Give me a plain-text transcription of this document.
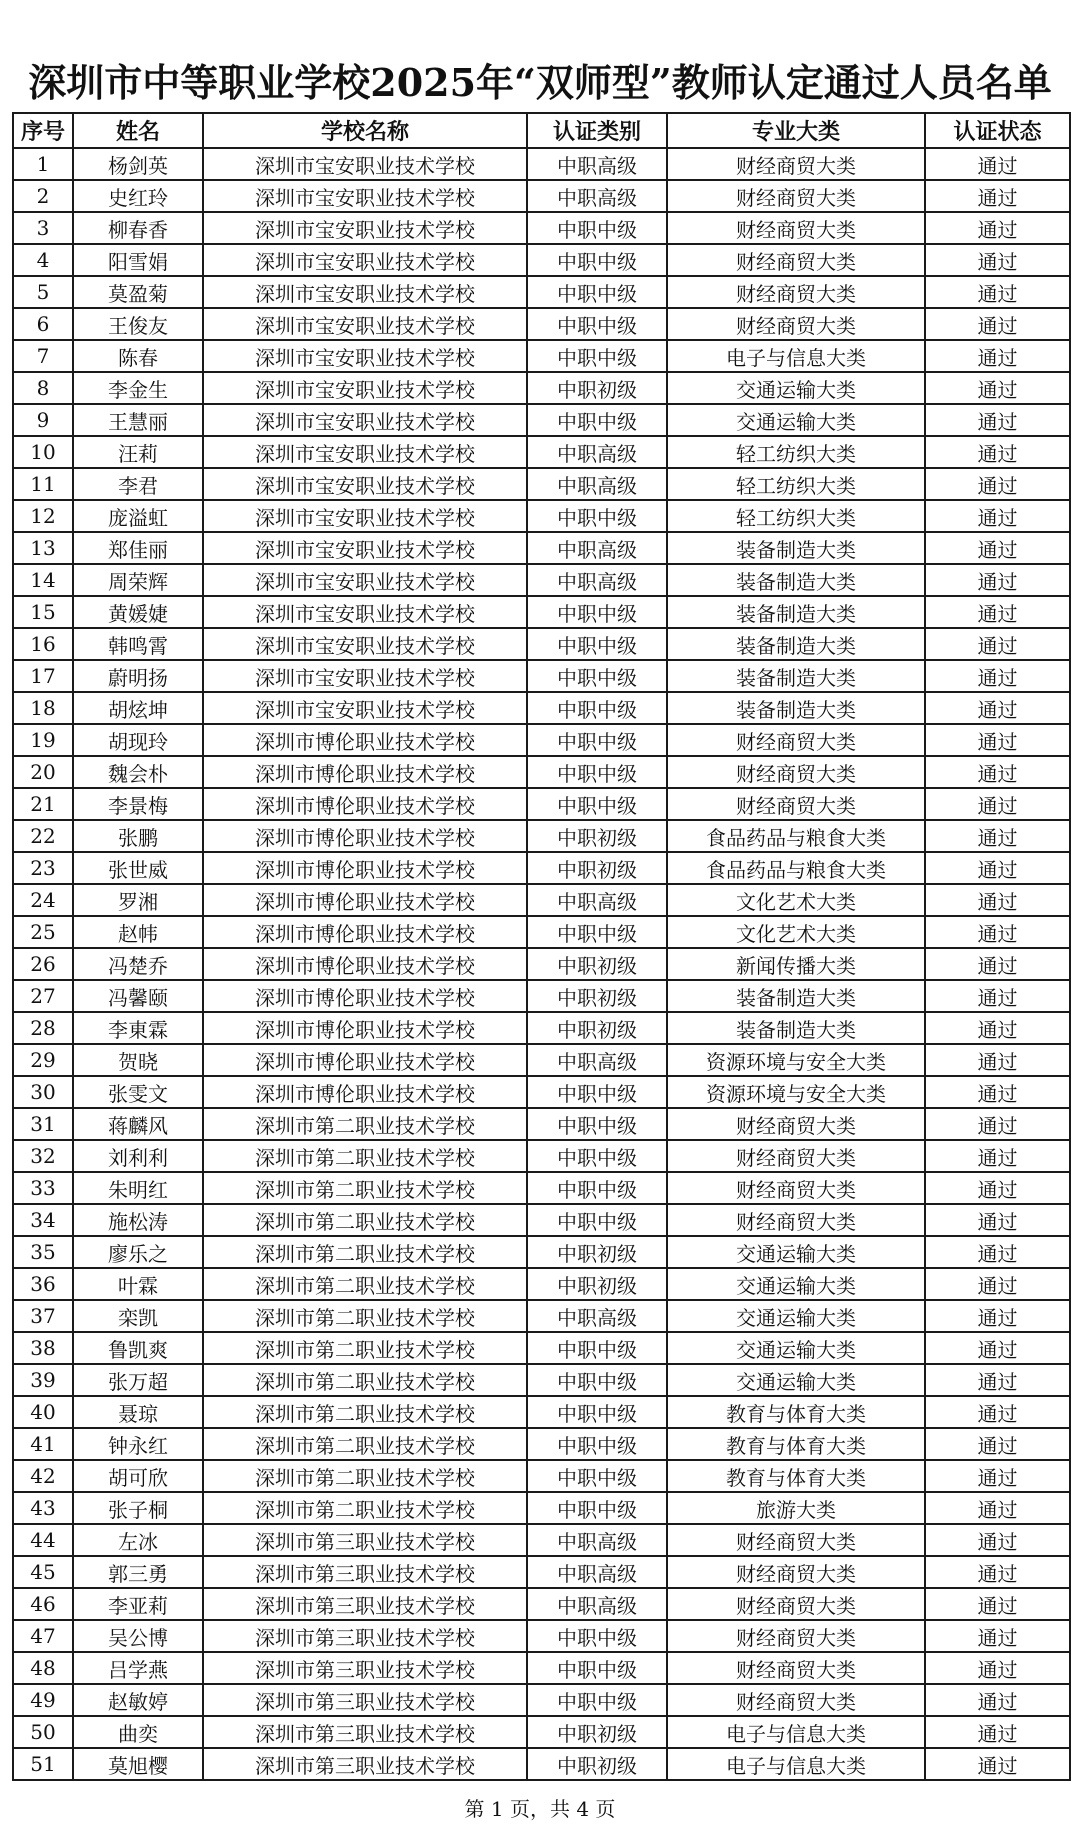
深圳市中等职业学校2025年“双师型”教师认定通过人员名单
序号	姓名	学校名称	认证类别	专业大类	认证状态
1	杨剑英	深圳市宝安职业技术学校	中职高级	财经商贸大类	通过
2	史红玲	深圳市宝安职业技术学校	中职高级	财经商贸大类	通过
3	柳春香	深圳市宝安职业技术学校	中职中级	财经商贸大类	通过
4	阳雪娟	深圳市宝安职业技术学校	中职中级	财经商贸大类	通过
5	莫盈菊	深圳市宝安职业技术学校	中职中级	财经商贸大类	通过
6	王俊友	深圳市宝安职业技术学校	中职中级	财经商贸大类	通过
7	陈春	深圳市宝安职业技术学校	中职中级	电子与信息大类	通过
8	李金生	深圳市宝安职业技术学校	中职初级	交通运输大类	通过
9	王慧丽	深圳市宝安职业技术学校	中职中级	交通运输大类	通过
10	汪莉	深圳市宝安职业技术学校	中职高级	轻工纺织大类	通过
11	李君	深圳市宝安职业技术学校	中职高级	轻工纺织大类	通过
12	庞溢虹	深圳市宝安职业技术学校	中职中级	轻工纺织大类	通过
13	郑佳丽	深圳市宝安职业技术学校	中职高级	装备制造大类	通过
14	周荣辉	深圳市宝安职业技术学校	中职高级	装备制造大类	通过
15	黄媛婕	深圳市宝安职业技术学校	中职中级	装备制造大类	通过
16	韩鸣霄	深圳市宝安职业技术学校	中职中级	装备制造大类	通过
17	蔚明扬	深圳市宝安职业技术学校	中职中级	装备制造大类	通过
18	胡炫坤	深圳市宝安职业技术学校	中职中级	装备制造大类	通过
19	胡现玲	深圳市博伦职业技术学校	中职中级	财经商贸大类	通过
20	魏会朴	深圳市博伦职业技术学校	中职中级	财经商贸大类	通过
21	李景梅	深圳市博伦职业技术学校	中职中级	财经商贸大类	通过
22	张鹏	深圳市博伦职业技术学校	中职初级	食品药品与粮食大类	通过
23	张世威	深圳市博伦职业技术学校	中职初级	食品药品与粮食大类	通过
24	罗湘	深圳市博伦职业技术学校	中职高级	文化艺术大类	通过
25	赵帏	深圳市博伦职业技术学校	中职中级	文化艺术大类	通过
26	冯楚乔	深圳市博伦职业技术学校	中职初级	新闻传播大类	通过
27	冯馨颐	深圳市博伦职业技术学校	中职初级	装备制造大类	通过
28	李東霖	深圳市博伦职业技术学校	中职初级	装备制造大类	通过
29	贺晓	深圳市博伦职业技术学校	中职高级	资源环境与安全大类	通过
30	张雯文	深圳市博伦职业技术学校	中职中级	资源环境与安全大类	通过
31	蒋麟风	深圳市第二职业技术学校	中职中级	财经商贸大类	通过
32	刘利利	深圳市第二职业技术学校	中职中级	财经商贸大类	通过
33	朱明红	深圳市第二职业技术学校	中职中级	财经商贸大类	通过
34	施松涛	深圳市第二职业技术学校	中职中级	财经商贸大类	通过
35	廖乐之	深圳市第二职业技术学校	中职初级	交通运输大类	通过
36	叶霖	深圳市第二职业技术学校	中职初级	交通运输大类	通过
37	栾凯	深圳市第二职业技术学校	中职高级	交通运输大类	通过
38	鲁凯爽	深圳市第二职业技术学校	中职中级	交通运输大类	通过
39	张万超	深圳市第二职业技术学校	中职中级	交通运输大类	通过
40	聂琼	深圳市第二职业技术学校	中职中级	教育与体育大类	通过
41	钟永红	深圳市第二职业技术学校	中职中级	教育与体育大类	通过
42	胡可欣	深圳市第二职业技术学校	中职中级	教育与体育大类	通过
43	张子桐	深圳市第二职业技术学校	中职中级	旅游大类	通过
44	左冰	深圳市第三职业技术学校	中职高级	财经商贸大类	通过
45	郭三勇	深圳市第三职业技术学校	中职高级	财经商贸大类	通过
46	李亚莉	深圳市第三职业技术学校	中职高级	财经商贸大类	通过
47	吴公博	深圳市第三职业技术学校	中职中级	财经商贸大类	通过
48	吕学燕	深圳市第三职业技术学校	中职中级	财经商贸大类	通过
49	赵敏婷	深圳市第三职业技术学校	中职中级	财经商贸大类	通过
50	曲奕	深圳市第三职业技术学校	中职初级	电子与信息大类	通过
51	莫旭樱	深圳市第三职业技术学校	中职初级	电子与信息大类	通过
第 1 页，共 4 页
